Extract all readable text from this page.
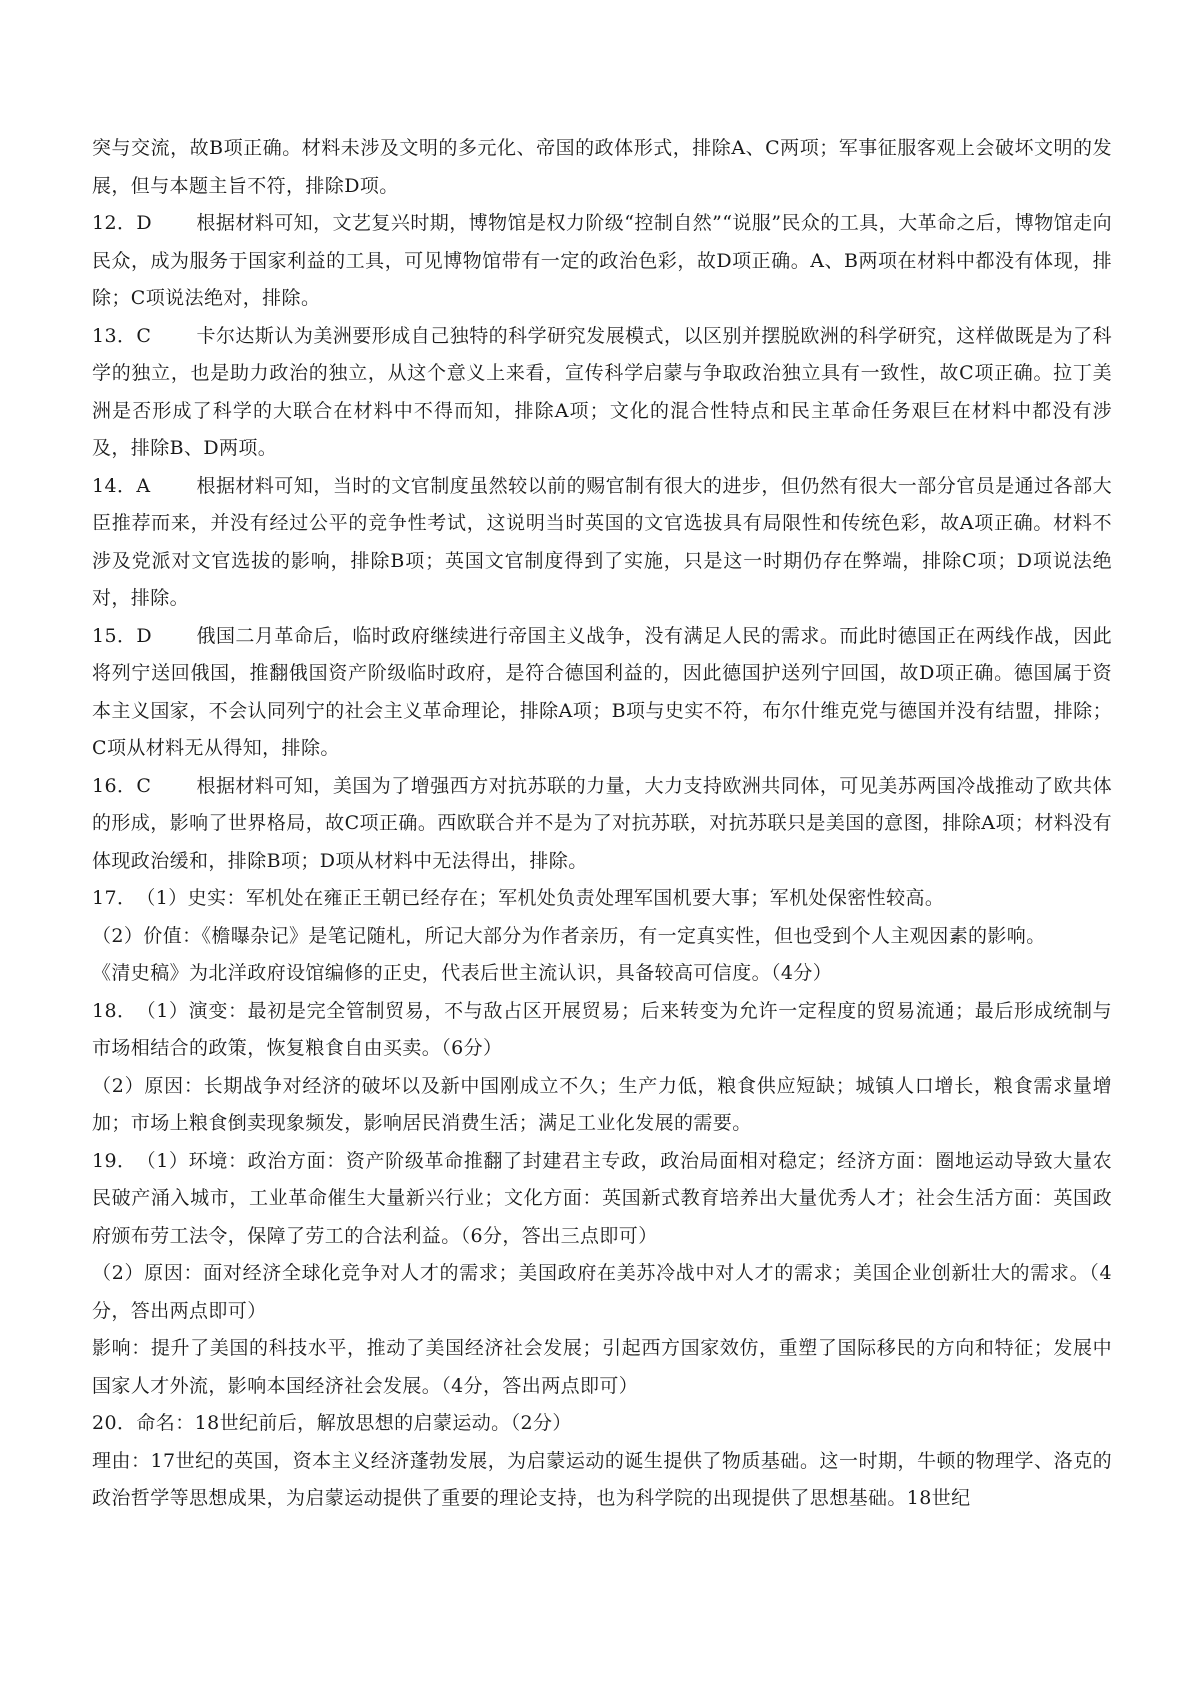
突与交流，故B项正确。材料未涉及文明的多元化、帝国的政体形式，排除A、C两项；军事征服客观上会破坏文明的发展，但与本题主旨不符，排除D项。

12．D 根据材料可知，文艺复兴时期，博物馆是权力阶级“控制自然”“说服”民众的工具，大革命之后，博物馆走向民众，成为服务于国家利益的工具，可见博物馆带有一定的政治色彩，故D项正确。A、B两项在材料中都没有体现，排除；C项说法绝对，排除。

13．C 卡尔达斯认为美洲要形成自己独特的科学研究发展模式，以区别并摆脱欧洲的科学研究，这样做既是为了科学的独立，也是助力政治的独立，从这个意义上来看，宣传科学启蒙与争取政治独立具有一致性，故C项正确。拉丁美洲是否形成了科学的大联合在材料中不得而知，排除A项；文化的混合性特点和民主革命任务艰巨在材料中都没有涉及，排除B、D两项。

14．A 根据材料可知，当时的文官制度虽然较以前的赐官制有很大的进步，但仍然有很大一部分官员是通过各部大臣推荐而来，并没有经过公平的竞争性考试，这说明当时英国的文官选拔具有局限性和传统色彩，故A项正确。材料不涉及党派对文官选拔的影响，排除B项；英国文官制度得到了实施，只是这一时期仍存在弊端，排除C项；D项说法绝对，排除。

15．D 俄国二月革命后，临时政府继续进行帝国主义战争，没有满足人民的需求。而此时德国正在两线作战，因此将列宁送回俄国，推翻俄国资产阶级临时政府，是符合德国利益的，因此德国护送列宁回国，故D项正确。德国属于资本主义国家，不会认同列宁的社会主义革命理论，排除A项；B项与史实不符，布尔什维克党与德国并没有结盟，排除；C项从材料无从得知，排除。

16．C 根据材料可知，美国为了增强西方对抗苏联的力量，大力支持欧洲共同体，可见美苏两国冷战推动了欧共体的形成，影响了世界格局，故C项正确。西欧联合并不是为了对抗苏联，对抗苏联只是美国的意图，排除A项；材料没有体现政治缓和，排除B项；D项从材料中无法得出，排除。

17．（1）史实：军机处在雍正王朝已经存在；军机处负责处理军国机要大事；军机处保密性较高。

（2）价值：《檐曝杂记》是笔记随札，所记大部分为作者亲历，有一定真实性，但也受到个人主观因素的影响。

《清史稿》为北洋政府设馆编修的正史，代表后世主流认识，具备较高可信度。（4分）

18．（1）演变：最初是完全管制贸易，不与敌占区开展贸易；后来转变为允许一定程度的贸易流通；最后形成统制与市场相结合的政策，恢复粮食自由买卖。（6分）

（2）原因：长期战争对经济的破坏以及新中国刚成立不久；生产力低，粮食供应短缺；城镇人口增长，粮食需求量增加；市场上粮食倒卖现象频发，影响居民消费生活；满足工业化发展的需要。

19．（1）环境：政治方面：资产阶级革命推翻了封建君主专政，政治局面相对稳定；经济方面：圈地运动导致大量农民破产涌入城市，工业革命催生大量新兴行业；文化方面：英国新式教育培养出大量优秀人才；社会生活方面：英国政府颁布劳工法令，保障了劳工的合法利益。（6分，答出三点即可）

（2）原因：面对经济全球化竞争对人才的需求；美国政府在美苏冷战中对人才的需求；美国企业创新壮大的需求。（4分，答出两点即可）

影响：提升了美国的科技水平，推动了美国经济社会发展；引起西方国家效仿，重塑了国际移民的方向和特征；发展中国家人才外流，影响本国经济社会发展。（4分，答出两点即可）

20．命名：18世纪前后，解放思想的启蒙运动。（2分）

理由：17世纪的英国，资本主义经济蓬勃发展，为启蒙运动的诞生提供了物质基础。这一时期，牛顿的物理学、洛克的政治哲学等思想成果，为启蒙运动提供了重要的理论支持，也为科学院的出现提供了思想基础。18世纪
